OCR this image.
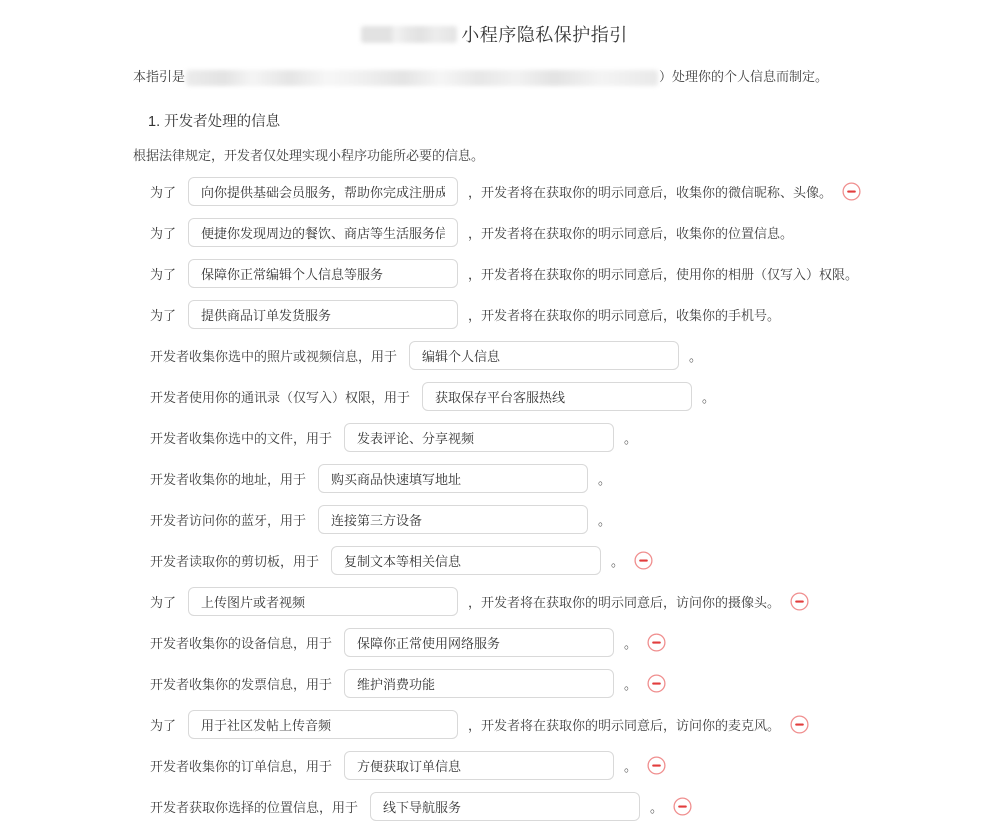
小程序隐私保护指引
本指引是	）处理你的个人信息而制定。
1. 开发者处理的信息
根据法律规定，开发者仅处理实现小程序功能所必要的信息。
为了
向你提供基础会员服务，帮助你完成注册成	，开发者将在获取你的明示同意后，收集你的微信昵称、头像。
为了
便捷你发现周边的餐饮、商店等生活服务信	，开发者将在获取你的明示同意后，收集你的位置信息。
为了
保障你正常编辑个人信息等服务	，开发者将在获取你的明示同意后，使用你的相册（仅写入）权限。
为了
提供商品订单发货服务	，开发者将在获取你的明示同意后，收集你的手机号。
开发者收集你选中的照片或视频信息，用于
编辑个人信息	。
开发者使用你的通讯录（仅写入）权限，用于
获取保存平台客服热线	。
开发者收集你选中的文件，用于
发表评论、分享视频	。
开发者收集你的地址，用于
购买商品快速填写地址	。
开发者访问你的蓝牙，用于
连接第三方设备	。
开发者读取你的剪切板，用于
复制文本等相关信息	。
为了
上传图片或者视频	，开发者将在获取你的明示同意后，访问你的摄像头。
开发者收集你的设备信息，用于
保障你正常使用网络服务	。
开发者收集你的发票信息，用于
维护消费功能	。
为了
用于社区发帖上传音频	，开发者将在获取你的明示同意后，访问你的麦克风。
开发者收集你的订单信息，用于
方便获取订单信息	。
开发者获取你选择的位置信息，用于
线下导航服务	。
